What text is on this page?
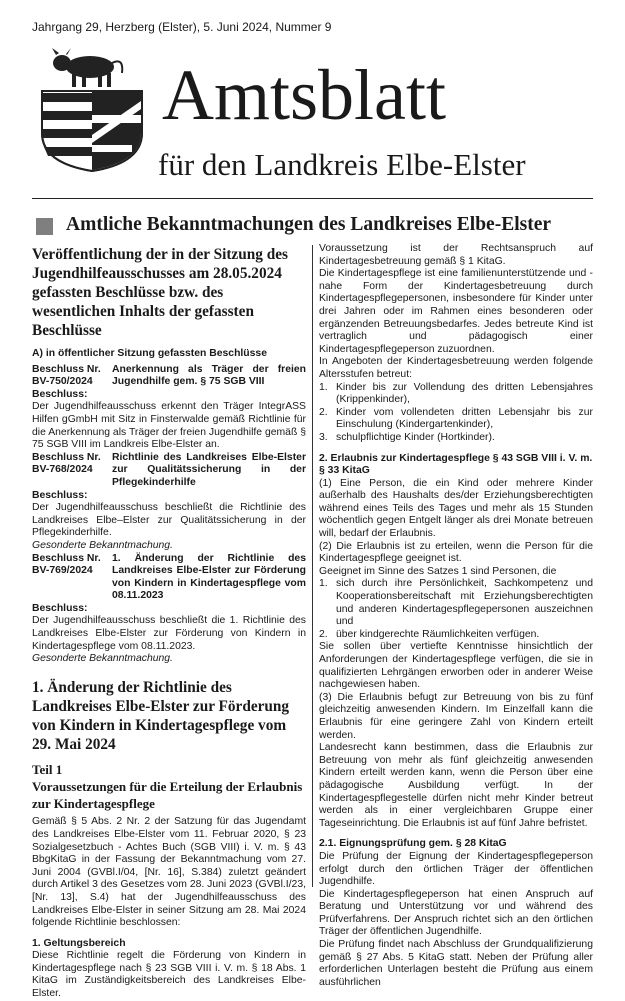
Jahrgang 29, Herzberg (Elster), 5. Juni 2024, Nummer 9
Amtsblatt
für den Landkreis Elbe-Elster
Amtliche Bekanntmachungen des Landkreises Elbe-Elster
Veröffentlichung der in der Sitzung des Jugendhilfeausschusses am 28.05.2024 gefassten Beschlüsse bzw. des wesentlichen Inhalts der gefassten Beschlüsse
A) in öffentlicher Sitzung gefassten Beschlüsse
Beschluss Nr. BV-750/2024
Anerkennung als Träger der freien Jugendhilfe gem. § 75 SGB VIII
Beschluss:
Der Jugendhilfeausschuss erkennt den Träger IntegrASS Hilfen gGmbH mit Sitz in Finsterwalde gemäß Richtlinie für die Anerkennung als Träger der freien Jugendhilfe gemäß § 75 SGB VIII im Landkreis Elbe-Elster an.
Beschluss Nr. BV-768/2024
Richtlinie des Landkreises Elbe-Elster zur Qualitätssicherung in der Pflegekinderhilfe
Beschluss:
Der Jugendhilfeausschuss beschließt die Richtlinie des Landkreises Elbe–Elster zur Qualitätssicherung in der Pflegekinderhilfe.
Gesonderte Bekanntmachung.
Beschluss Nr. BV-769/2024
1. Änderung der Richtlinie des Landkreises Elbe-Elster zur Förderung von Kindern in Kindertagespflege vom 08.11.2023
Beschluss:
Der Jugendhilfeausschuss beschließt die 1. Richtlinie des Landkreises Elbe-Elster zur Förderung von Kindern in Kindertagespflege vom 08.11.2023.
Gesonderte Bekanntmachung.
1. Änderung der Richtlinie des Landkreises Elbe-Elster zur Förderung von Kindern in Kindertagespflege vom 29. Mai 2024
Teil 1
Voraussetzungen für die Erteilung der Erlaubnis zur Kindertagespflege
Gemäß § 5 Abs. 2 Nr. 2 der Satzung für das Jugendamt des Landkreises Elbe-Elster vom 11. Februar 2020, § 23 Sozialgesetzbuch - Achtes Buch (SGB VIII) i. V. m. § 43 BbgKitaG in der Fassung der Bekanntmachung vom 27. Juni 2004 (GVBl.I/04, [Nr. 16], S.384) zuletzt geändert durch Artikel 3 des Gesetzes vom 28. Juni 2023 (GVBl.I/23, [Nr. 13], S.4) hat der Jugendhilfeausschuss des Landkreises Elbe-Elster in seiner Sitzung am 28. Mai 2024 folgende Richtlinie beschlossen:
1. Geltungsbereich
Diese Richtlinie regelt die Förderung von Kindern in Kindertagespflege nach § 23 SGB VIII i. V. m. § 18 Abs. 1 KitaG im Zuständigkeitsbereich des Landkreises Elbe-Elster.
Voraussetzung ist der Rechtsanspruch auf Kindertagesbetreuung gemäß § 1 KitaG.
Die Kindertagespflege ist eine familienunterstützende und -nahe Form der Kindertagesbetreuung durch Kindertagespflegepersonen, insbesondere für Kinder unter drei Jahren oder im Rahmen eines besonderen oder ergänzenden Betreuungsbedarfes. Jedes betreute Kind ist vertraglich und pädagogisch einer Kindertagespflegeperson zuzuordnen.
In Angeboten der Kindertagesbetreuung werden folgende Altersstufen betreut:
1. Kinder bis zur Vollendung des dritten Lebensjahres (Krippenkinder),
2. Kinder vom vollendeten dritten Lebensjahr bis zur Einschulung (Kindergartenkinder),
3. schulpflichtige Kinder (Hortkinder).
2. Erlaubnis zur Kindertagespflege § 43 SGB VIII i. V. m. § 33 KitaG
(1) Eine Person, die ein Kind oder mehrere Kinder außerhalb des Haushalts des/der Erziehungsberechtigten während eines Teils des Tages und mehr als 15 Stunden wöchentlich gegen Entgelt länger als drei Monate betreuen will, bedarf der Erlaubnis.
(2) Die Erlaubnis ist zu erteilen, wenn die Person für die Kindertagespflege geeignet ist.
Geeignet im Sinne des Satzes 1 sind Personen, die
1. sich durch ihre Persönlichkeit, Sachkompetenz und Kooperationsbereitschaft mit Erziehungsberechtigten und anderen Kindertagespflegepersonen auszeichnen und
2. über kindgerechte Räumlichkeiten verfügen.
Sie sollen über vertiefte Kenntnisse hinsichtlich der Anforderungen der Kindertagespflege verfügen, die sie in qualifizierten Lehrgängen erworben oder in anderer Weise nachgewiesen haben.
(3) Die Erlaubnis befugt zur Betreuung von bis zu fünf gleichzeitig anwesenden Kindern. Im Einzelfall kann die Erlaubnis für eine geringere Zahl von Kindern erteilt werden.
Landesrecht kann bestimmen, dass die Erlaubnis zur Betreuung von mehr als fünf gleichzeitig anwesenden Kindern erteilt werden kann, wenn die Person über eine pädagogische Ausbildung verfügt. In der Kindertagespflegestelle dürfen nicht mehr Kinder betreut werden als in einer vergleichbaren Gruppe einer Tageseinrichtung. Die Erlaubnis ist auf fünf Jahre befristet.
2.1. Eignungsprüfung gem. § 28 KitaG
Die Prüfung der Eignung der Kindertagespflegeperson erfolgt durch den örtlichen Träger der öffentlichen Jugendhilfe.
Die Kindertagespflegeperson hat einen Anspruch auf Beratung und Unterstützung vor und während des Prüfverfahrens. Der Anspruch richtet sich an den örtlichen Träger der öffentlichen Jugendhilfe.
Die Prüfung findet nach Abschluss der Grundqualifizierung gemäß § 27 Abs. 5 KitaG statt. Neben der Prüfung aller erforderlichen Unterlagen besteht die Prüfung aus einem ausführlichen
